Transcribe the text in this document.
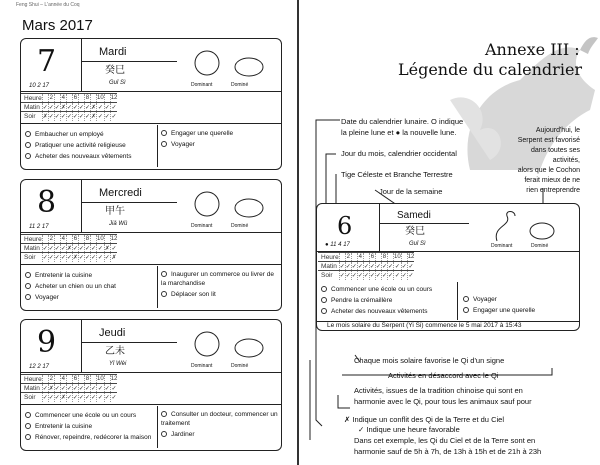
Feng Shui – L'année du Coq
Mars 2017
7
10 2 17
Mardi
癸巳
Guǐ Sì	Dominant	Dominé
Heure		2		4		6		8		10		12
Matin	✓	✓	✓	✗	✓	✓	✓	✓	✗	✓	✓	✓
Soir	✗	✓	✓	✓	✓	✓	✓	✓	✗	✓	✓	✓
Embaucher un employé
Pratiquer une activité religieuse
Acheter des nouveaux vêtements
Engager une querelle
Voyager
8
11 2 17
Mercredi
甲午
Jiǎ Wǔ	Dominant	Dominé
Heure		2		4		6		8		10		12
Matin	✓	✓	✓	✓	✗	✓	✓	✓	✓	✓	✗	✓
Soir	✓	✓	✓	✓	✓	✗	✓	✓	✓	✓	✓	✗
Entretenir la cuisine
Acheter un chien ou un chat
Voyager
Inaugurer un commerce ou livrer de la marchandise
Déplacer son lit
9
12 2 17
Jeudi
乙未
Yǐ Wèi	Dominant	Dominé
Heure		2		4		6		8		10		12
Matin	✓	✗	✓	✓	✓	✓	✓	✓	✓	✓	✓	✓
Soir	✓	✓	✓	✗	✓	✓	✓	✓	✓	✓	✓	✓
Commencer une école ou un cours
Entretenir la cuisine
Rénover, repeindre, redécorer la maison
Consulter un docteur, commencer un traitement
Jardiner
Annexe III :
Légende du calendrier
Date du calendrier lunaire. O indique
la pleine lune et ● la nouvelle lune.
Jour du mois, calendrier occidental
Tige Céleste et Branche Terrestre
Jour de la semaine
Aujourd'hui, le
Serpent est favorisé
dans toutes ses
activités,
alors que le Cochon
ferait mieux de ne
rien entreprendre
6
● 11 4 17
Samedi
癸巳
Guǐ Sì	Dominant	Dominé
Commencer une école ou un cours
Pendre la crémaillère
Acheter des nouveaux vêtements
Voyager
Engager une querelle
Le mois solaire du Serpent (Yi Si) commence le 5 mai 2017 à 15:43
Heure		2		4		6		8		10		12
Matin	✓	✓	✓	✓	✓	✓	✓	✓	✓	✓	✓	✓
Soir	✓	✓	✓	✓	✓	✓	✓	✓	✓	✓	✓	✓
Chaque mois solaire favorise le Qi d'un signe
Activités en désaccord avec le Qi
Activités, issues de la tradition chinoise qui sont en
harmonie avec le Qi, pour tous les animaux sauf pour
✗ Indique un conflit des Qi de la Terre et du Ciel
✓ Indique une heure favorable
Dans cet exemple, les Qi du Ciel et de la Terre sont en
harmonie sauf de 5h à 7h, de 13h à 15h et de 21h à 23h
